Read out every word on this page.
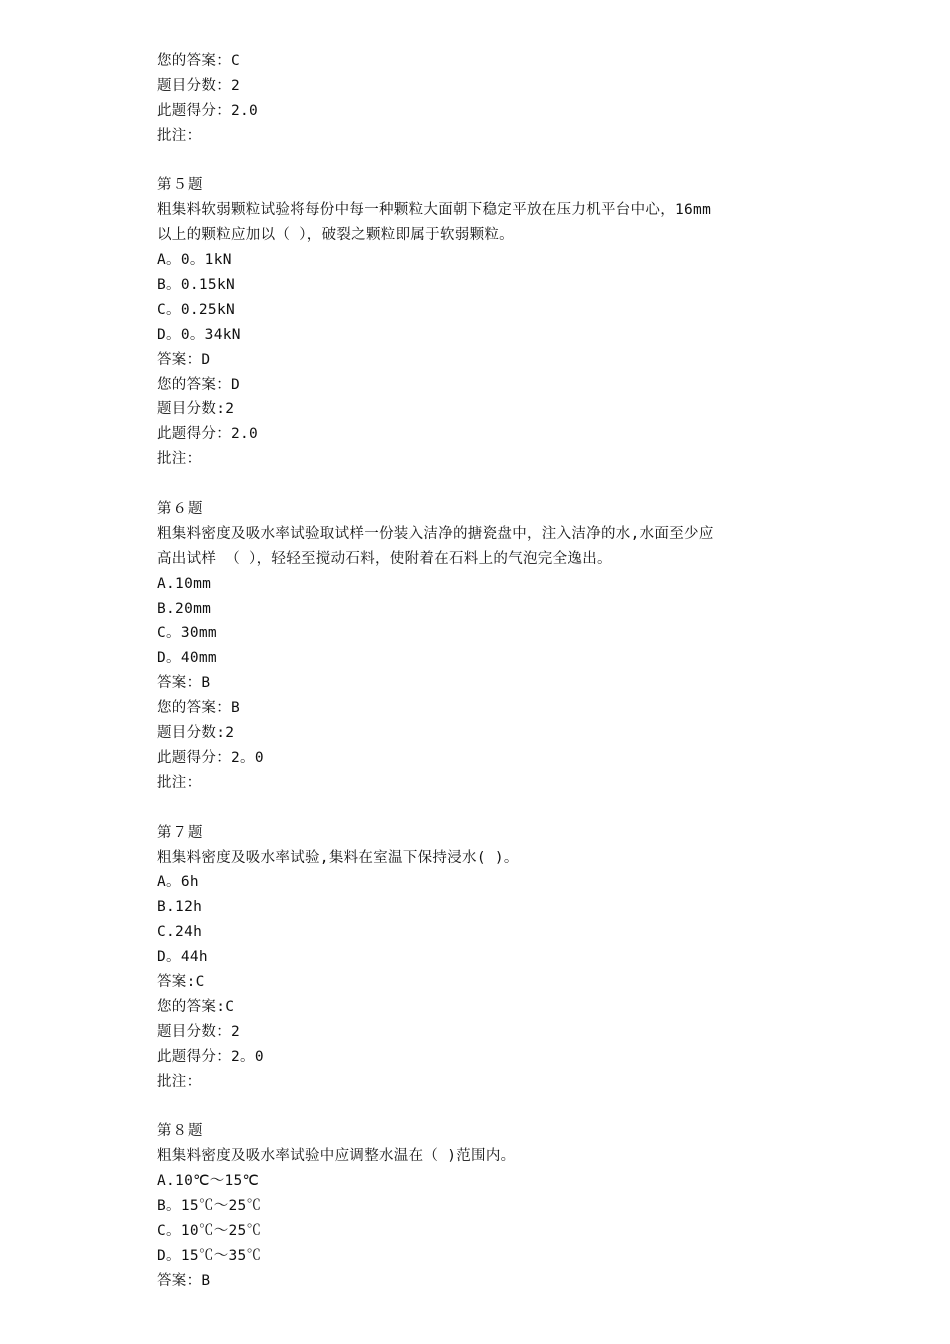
您的答案：C
题目分数：2
此题得分：2.0
批注：
第５题
粗集料软弱颗粒试验将每份中每一种颗粒大面朝下稳定平放在压力机平台中心，16mm
以上的颗粒应加以（ ），破裂之颗粒即属于软弱颗粒。
A。0。1kN
B。0.15kN
C。0.25kN
D。0。34kN
答案：D
您的答案：D
题目分数:2
此题得分：2.0
批注：
第６题
粗集料密度及吸水率试验取试样一份装入洁净的搪瓷盘中，注入洁净的水,水面至少应
高出试样 （ ），轻轻至搅动石料，使附着在石料上的气泡完全逸出。
A.10mm
B.20mm
C。30mm
D。40mm
答案：B
您的答案：B
题目分数:2
此题得分：2。0
批注：
第７题
粗集料密度及吸水率试验,集料在室温下保持浸水( )。
A。6h
B.12h
C.24h
D。44h
答案:C
您的答案:C
题目分数：2
此题得分：2。0
批注：
第８题
粗集料密度及吸水率试验中应调整水温在（ )范围内。
A.10℃～15℃
B。15℃～25℃
C。10℃～25℃
D。15℃～35℃
答案：B
